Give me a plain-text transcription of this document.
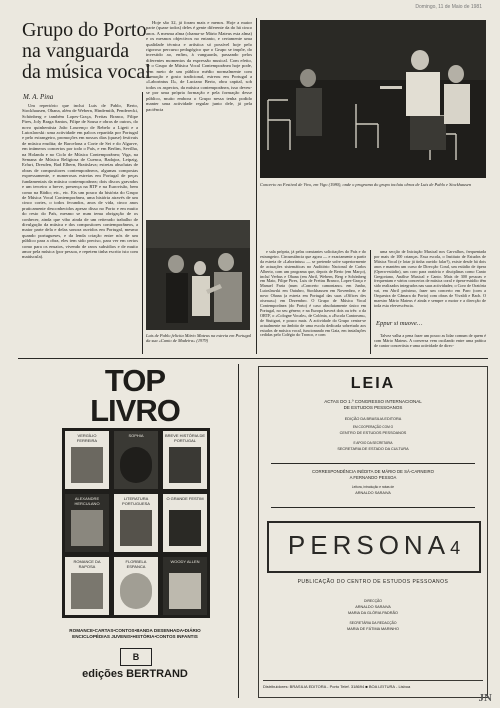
Domingo, 11 de Maio de 1981
Grupo do Porto
na vanguarda
da música vocal
M. A. Pina

Um repertório que inclui Luis de Pablo, Berio, Stockhausen, Ohana, além de Webern, Hindemith, Penderecki, Schönberg e também Lopes-Graça, Freitas Branco, Filipe Pires, Joly Braga Santos, Filipe de Sousa e obras de outros, do novo quinhentista João Lourenço de Rebelo a Ligeti e a Lutoslawski: uma actividade em palcos repartida por Portugal e pelo estrangeiro, promoções em nossos dias (quase) festivais de música erudita; de Barcelona a Corte de Sei e do Algarve, em inúmeros concertos por todo o País, e em Berlim, Sevilha, na Holanda e no Ciclo de Música Contemporânea; Viga, na Semana de Música Religiosa de Cuenca, Badajoz, Leipzig, Erfurt, Dresden, Bad Elbern, Bratislava; estreias absolutas de obras de compositores contemporâneos, algumas compostas expressamente, e numerosas estreias em Portugal de peças fundamentais da música contemporânea; dois discos gravados e um terceiro a breve, presença na RTP e na Eurovisão, bem como na Rádio; etc., etc. Eis um pouco da história do Grupo de Música Vocal Contemporânea, uma história através de um cinco cortes, o todos fecundos, anos de vida, cinco anos praticamente desconhecidos apesar disso no Porto e em muito do resto do País, mesmo se num tema obrigação de os conhecer, ainda que vibo ainda de um reiterado trabalho de divulgação da música e dos compositores contemporâneos, a maior parte dela e delas sonora ouvidos em Portugal, mesmo quando portugueses, e da lenda criação entre nós de um público para a obra, eles tem sido preciso, para ver em certos como para os ensaios, vivendo de raros subsídios e de muito amor pela música (por pessoa, e repetem tinha escrito isto com maiúscula).

Hoje são 32, já foram mais e menos. Hoje a maior parte (quase todos) deles é gente diferente da do há cinco anos. A mesma alma (chama-se Mário Mateus esta alma) e os mesmos objectivos no entanto, e certamente uma qualidade técnica e artística só possível hoje pelo rigoroso percurso pedagógico que o Grupo se impõe, do investido ao, enfim, à vanguarda, passando pelos diferentes momentos da expressão musical. Com efeito, se o Grupo de Música Vocal Contemporânea hoje pode, sem meio de um público médio normalmente com formação e gosto tradicional, estreou em Portugal a «Laborintus II», de Luciano Berio, obra capital, sob todos os aspectos, da música contemporânea, isso deveu-se por uma própria formação e pela formação desse público, muito embora o Grupo nessa tenha podido manter uma actividade regular junto dele, já pela paciência

Luis de Pablo felicita Mário Mateus na estreia em Portugal da sua «Canto de Madeira» (1979)
Concerto no Festival de Vivo, em Vigo (1980), onde o programa do grupo incluiu obras de Luis de Pablo e Stockhausen

e sala própria, já pelas constantes solicitações do País e do estrangeiro. Circunstância que agora — e exactamente a partir da estreia de «Laborintus» — se pretende sofre superiormente de actuações sistemáticas no Auditório Nacional de Carlos Alberto, com um programa que, depois de Berio (em Março), incluí Verbus e Ohana (em Abril, Webern, Berg e Schönberg em Maio, Filipe Pires, Luis de Freitas Branco, Lopes-Graça e Manuel Faria (num «Concerto camoniano» em Junho, Lutoslawski em Outubro, Stockhausen em Novembro, e de novo Ohana (a estreia em Portugal das suas «Offices des oiseaux») em Dezembro. O Grupo de Música Vocal Contemporânea (do Porto) é caso absolutamente único em Portugal, no seu género; e na Europa haverá dois ou três: o da ORTF, o «Cologne Vocale», de Colónia, a «Escola Cantorum», de Stuttgart, e pouco mais. A actividade do Grupo centra-se actualmente no âmbito de uma escola dedicada sobretudo aos estudos de música vocal, funcionando em Gaia, em instalações cedidas pelo Colégio do Tronco, e com

uma secção de Iniciação Musical nos Carvalhos, frequentada por mais de 100 crianças. Essa escola, o Instituto de Estudos de Música Vocal (e lotar já tinha ouvido falar?), existe desde há dois anos e mantém um curso de Direcção Coral, um estúdio de ópera (Opera-estúdio), um coro para oratória e disciplinas como Canto Gregoriano, Análise Musical e Canto. Mais de 300 pessoas e frequentam e vários concertos de música coral e ópera-estúdio têm sido realizados integrados nas suas actividades; o Coro de Oratória vai, em Abril próximo, fazer um concerto em Paro (com a Orquestra de Câmara do Porto) com obras de Vivaldi e Bach. O maestro Mário Mateus é ainda e sempre o motor e a direcção de toda esta efervescência.

Eppur si muove…

Talvez valha a pena fazer um pouco as lidar comum de quem é com Mário Mateus. A conversa vem oscilando entre uma prática de cantor concertista e uma actividade de direc-

TOP
LIVRO
VERGÍLIO FERREIRA
SOPHIA	BREVE HISTÓRIA DE PORTUGAL
ALEXANDRE HERCULANO
LITERATURA PORTUGUESA
O GRANDE FESTIM
ROMANCE DA RAPOSA
FLORBELA ESPANCA
WOODY ALLEN
ROMANCE•CARTAS•CONTOS•BANDA DESENHADA•DIÁRIO
ENCICLOPÉDIAS JUVENIS•HISTÓRIA•CONTOS INFANTIS
B
edições BERTRAND
LEIA
ACTAS DO 1.º CONGRESSO INTERNACIONAL
DE ESTUDOS PESSOANOS
EDIÇÃO DA BRASILIA EDITORA
EM COOPERAÇÃO COM O
CENTRO DE ESTUDOS PESSOANOS
E APOIO DA SECRETARIA
SECRETARIA DE ESTADO DA CULTURA
CORRESPONDÊNCIA INÉDITA DE MÁRIO DE SÁ-CARNEIRO
A FERNANDO PESSOA
Leitura, introdução e notas de
ARNALDO SARAIVA
PERSONA4
PUBLICAÇÃO DO CENTRO DE ESTUDOS PESSOANOS
DIRECÇÃO
ARNALDO SARAIVA
MARIA DA GLÓRIA PADRÃO
SECRETÁRIA DA REDACÇÃO
MARIA DE FÁTIMA MARINHO
Distribuidores: BRASILIA EDITORA - Porto Telef. 318694 ■ BOA LEITURA - Lisboa
JN
